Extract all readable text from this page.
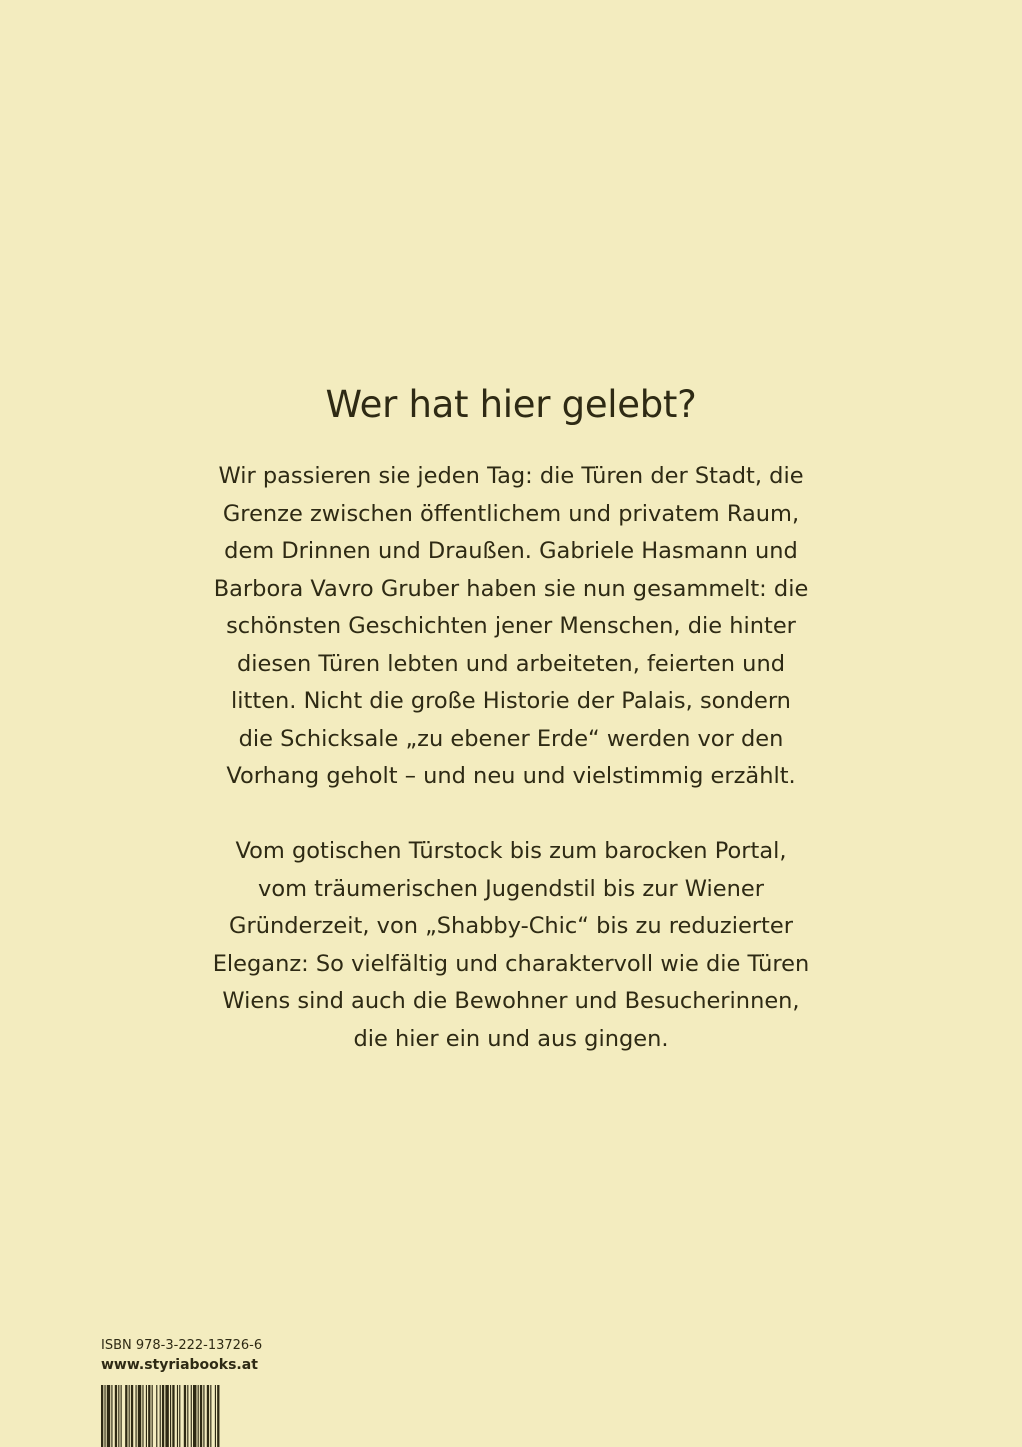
Wer hat hier gelebt?

Wir passieren sie jeden Tag: die Türen der Stadt, die
Grenze zwischen öffentlichem und privatem Raum,
dem Drinnen und Draußen. Gabriele Hasmann und
Barbora Vavro Gruber haben sie nun gesammelt: die
schönsten Geschichten jener Menschen, die hinter
diesen Türen lebten und arbeiteten, feierten und
litten. Nicht die große Historie der Palais, sondern
die Schicksale „zu ebener Erde“ werden vor den
Vorhang geholt – und neu und vielstimmig erzählt.

Vom gotischen Türstock bis zum barocken Portal,
vom träumerischen Jugendstil bis zur Wiener
Gründerzeit, von „Shabby-Chic“ bis zu reduzierter
Eleganz: So vielfältig und charaktervoll wie die Türen
Wiens sind auch die Bewohner und Besucherinnen,
die hier ein und aus gingen.

ISBN 978-3-222-13726-6
www.styriabooks.at
